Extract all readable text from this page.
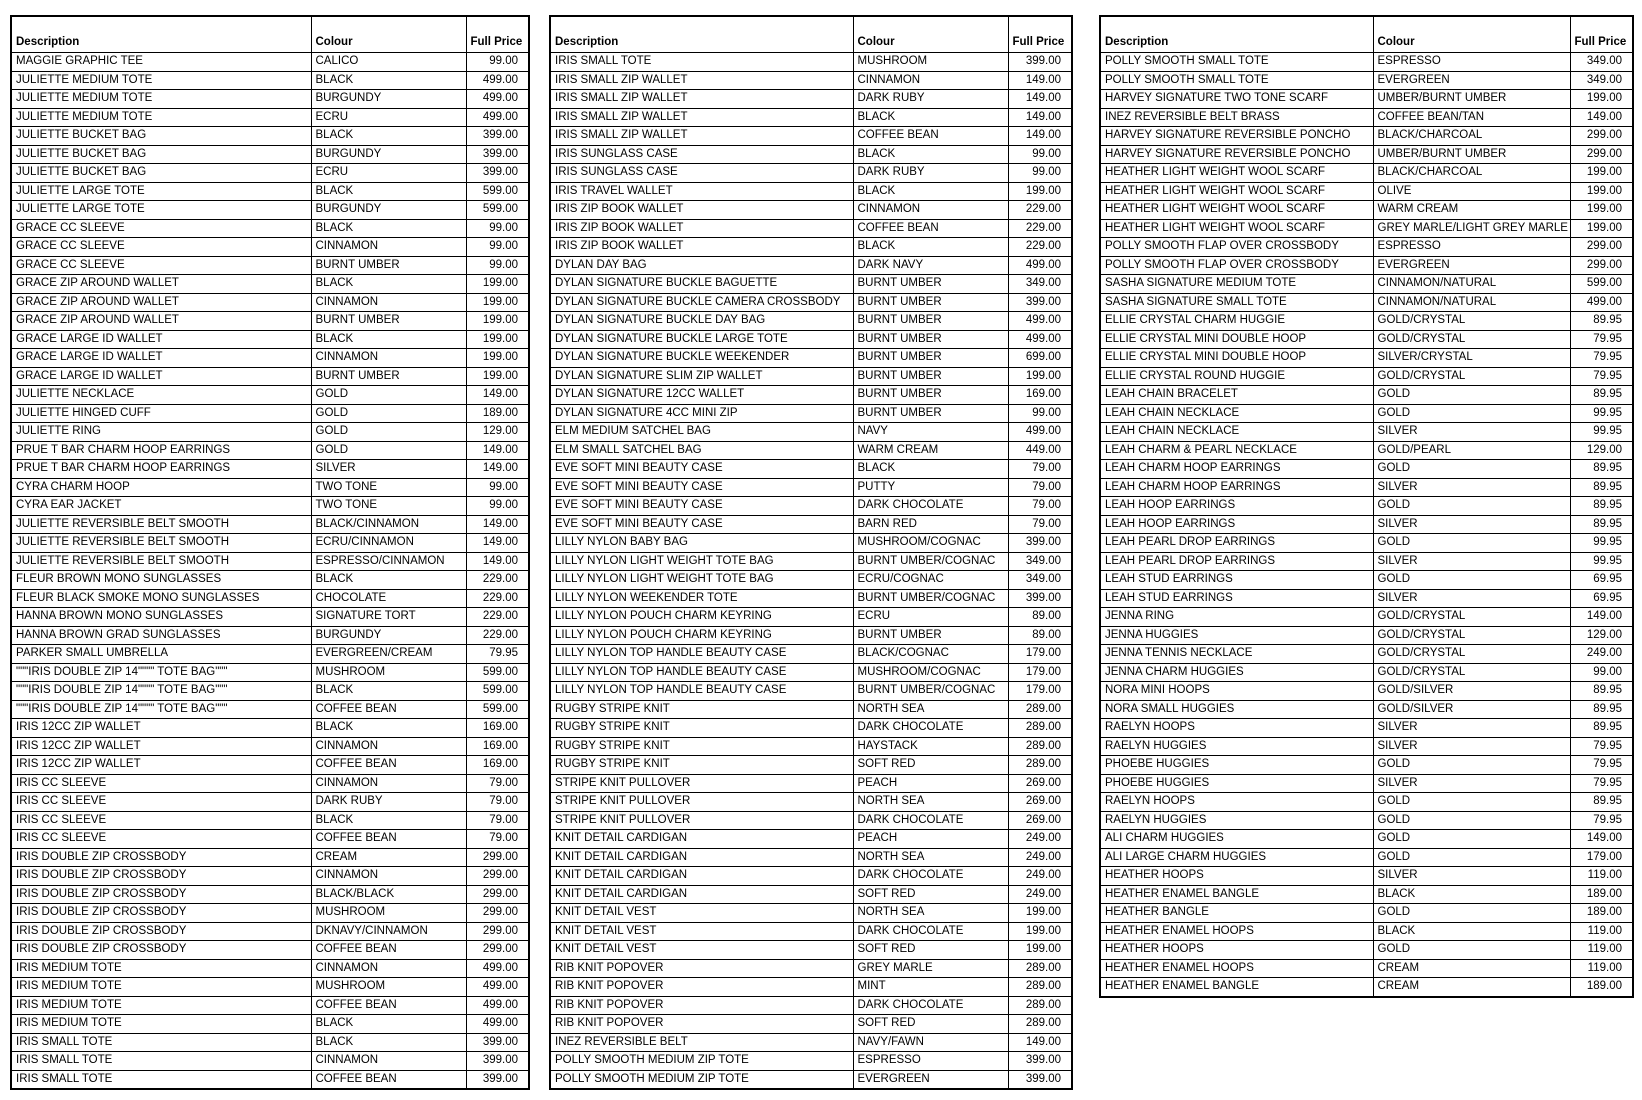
Description	Colour	Full Price
MAGGIE GRAPHIC TEE	CALICO	99.00
JULIETTE MEDIUM TOTE	BLACK	499.00
JULIETTE MEDIUM TOTE	BURGUNDY	499.00
JULIETTE MEDIUM TOTE	ECRU	499.00
JULIETTE BUCKET BAG	BLACK	399.00
JULIETTE BUCKET BAG	BURGUNDY	399.00
JULIETTE BUCKET BAG	ECRU	399.00
JULIETTE LARGE TOTE	BLACK	599.00
JULIETTE LARGE TOTE	BURGUNDY	599.00
GRACE CC SLEEVE	BLACK	99.00
GRACE CC SLEEVE	CINNAMON	99.00
GRACE CC SLEEVE	BURNT UMBER	99.00
GRACE ZIP AROUND WALLET	BLACK	199.00
GRACE ZIP AROUND WALLET	CINNAMON	199.00
GRACE ZIP AROUND WALLET	BURNT UMBER	199.00
GRACE LARGE ID WALLET	BLACK	199.00
GRACE LARGE ID WALLET	CINNAMON	199.00
GRACE LARGE ID WALLET	BURNT UMBER	199.00
JULIETTE NECKLACE	GOLD	149.00
JULIETTE HINGED CUFF	GOLD	189.00
JULIETTE RING	GOLD	129.00
PRUE T BAR CHARM HOOP EARRINGS	GOLD	149.00
PRUE T BAR CHARM HOOP EARRINGS	SILVER	149.00
CYRA CHARM HOOP	TWO TONE	99.00
CYRA EAR JACKET	TWO TONE	99.00
JULIETTE REVERSIBLE BELT SMOOTH	BLACK/CINNAMON	149.00
JULIETTE REVERSIBLE BELT SMOOTH	ECRU/CINNAMON	149.00
JULIETTE REVERSIBLE BELT SMOOTH	ESPRESSO/CINNAMON	149.00
FLEUR BROWN MONO SUNGLASSES	BLACK	229.00
FLEUR BLACK SMOKE MONO SUNGLASSES	CHOCOLATE	229.00
HANNA BROWN MONO SUNGLASSES	SIGNATURE TORT	229.00
HANNA BROWN GRAD SUNGLASSES	BURGUNDY	229.00
PARKER SMALL UMBRELLA	EVERGREEN/CREAM	79.95
"""IRIS DOUBLE ZIP 14"""" TOTE BAG"""	MUSHROOM	599.00
"""IRIS DOUBLE ZIP 14"""" TOTE BAG"""	BLACK	599.00
"""IRIS DOUBLE ZIP 14"""" TOTE BAG"""	COFFEE BEAN	599.00
IRIS 12CC ZIP WALLET	BLACK	169.00
IRIS 12CC ZIP WALLET	CINNAMON	169.00
IRIS 12CC ZIP WALLET	COFFEE BEAN	169.00
IRIS CC SLEEVE	CINNAMON	79.00
IRIS CC SLEEVE	DARK RUBY	79.00
IRIS CC SLEEVE	BLACK	79.00
IRIS CC SLEEVE	COFFEE BEAN	79.00
IRIS DOUBLE ZIP CROSSBODY	CREAM	299.00
IRIS DOUBLE ZIP CROSSBODY	CINNAMON	299.00
IRIS DOUBLE ZIP CROSSBODY	BLACK/BLACK	299.00
IRIS DOUBLE ZIP CROSSBODY	MUSHROOM	299.00
IRIS DOUBLE ZIP CROSSBODY	DKNAVY/CINNAMON	299.00
IRIS DOUBLE ZIP CROSSBODY	COFFEE BEAN	299.00
IRIS MEDIUM TOTE	CINNAMON	499.00
IRIS MEDIUM TOTE	MUSHROOM	499.00
IRIS MEDIUM TOTE	COFFEE BEAN	499.00
IRIS MEDIUM TOTE	BLACK	499.00
IRIS SMALL TOTE	BLACK	399.00
IRIS SMALL TOTE	CINNAMON	399.00
IRIS SMALL TOTE	COFFEE BEAN	399.00
Description	Colour	Full Price
IRIS SMALL TOTE	MUSHROOM	399.00
IRIS SMALL ZIP WALLET	CINNAMON	149.00
IRIS SMALL ZIP WALLET	DARK RUBY	149.00
IRIS SMALL ZIP WALLET	BLACK	149.00
IRIS SMALL ZIP WALLET	COFFEE BEAN	149.00
IRIS SUNGLASS CASE	BLACK	99.00
IRIS SUNGLASS CASE	DARK RUBY	99.00
IRIS TRAVEL WALLET	BLACK	199.00
IRIS ZIP BOOK WALLET	CINNAMON	229.00
IRIS ZIP BOOK WALLET	COFFEE BEAN	229.00
IRIS ZIP BOOK WALLET	BLACK	229.00
DYLAN DAY BAG	DARK NAVY	499.00
DYLAN SIGNATURE BUCKLE BAGUETTE	BURNT UMBER	349.00
DYLAN SIGNATURE BUCKLE CAMERA CROSSBODY	BURNT UMBER	399.00
DYLAN SIGNATURE BUCKLE DAY BAG	BURNT UMBER	499.00
DYLAN SIGNATURE BUCKLE LARGE TOTE	BURNT UMBER	499.00
DYLAN SIGNATURE BUCKLE WEEKENDER	BURNT UMBER	699.00
DYLAN SIGNATURE SLIM ZIP WALLET	BURNT UMBER	199.00
DYLAN SIGNATURE 12CC WALLET	BURNT UMBER	169.00
DYLAN SIGNATURE 4CC MINI ZIP	BURNT UMBER	99.00
ELM MEDIUM SATCHEL BAG	NAVY	499.00
ELM SMALL SATCHEL BAG	WARM CREAM	449.00
EVE SOFT MINI BEAUTY CASE	BLACK	79.00
EVE SOFT MINI BEAUTY CASE	PUTTY	79.00
EVE SOFT MINI BEAUTY CASE	DARK CHOCOLATE	79.00
EVE SOFT MINI BEAUTY CASE	BARN RED	79.00
LILLY NYLON BABY BAG	MUSHROOM/COGNAC	399.00
LILLY NYLON LIGHT WEIGHT TOTE BAG	BURNT UMBER/COGNAC	349.00
LILLY NYLON LIGHT WEIGHT TOTE BAG	ECRU/COGNAC	349.00
LILLY NYLON WEEKENDER TOTE	BURNT UMBER/COGNAC	399.00
LILLY NYLON POUCH CHARM KEYRING	ECRU	89.00
LILLY NYLON POUCH CHARM KEYRING	BURNT UMBER	89.00
LILLY NYLON TOP HANDLE BEAUTY CASE	BLACK/COGNAC	179.00
LILLY NYLON TOP HANDLE BEAUTY CASE	MUSHROOM/COGNAC	179.00
LILLY NYLON TOP HANDLE BEAUTY CASE	BURNT UMBER/COGNAC	179.00
RUGBY STRIPE KNIT	NORTH SEA	289.00
RUGBY STRIPE KNIT	DARK CHOCOLATE	289.00
RUGBY STRIPE KNIT	HAYSTACK	289.00
RUGBY STRIPE KNIT	SOFT RED	289.00
STRIPE KNIT PULLOVER	PEACH	269.00
STRIPE KNIT PULLOVER	NORTH SEA	269.00
STRIPE KNIT PULLOVER	DARK CHOCOLATE	269.00
KNIT DETAIL CARDIGAN	PEACH	249.00
KNIT DETAIL CARDIGAN	NORTH SEA	249.00
KNIT DETAIL CARDIGAN	DARK CHOCOLATE	249.00
KNIT DETAIL CARDIGAN	SOFT RED	249.00
KNIT DETAIL VEST	NORTH SEA	199.00
KNIT DETAIL VEST	DARK CHOCOLATE	199.00
KNIT DETAIL VEST	SOFT RED	199.00
RIB KNIT POPOVER	GREY MARLE	289.00
RIB KNIT POPOVER	MINT	289.00
RIB KNIT POPOVER	DARK CHOCOLATE	289.00
RIB KNIT POPOVER	SOFT RED	289.00
INEZ REVERSIBLE BELT	NAVY/FAWN	149.00
POLLY SMOOTH MEDIUM ZIP TOTE	ESPRESSO	399.00
POLLY SMOOTH MEDIUM ZIP TOTE	EVERGREEN	399.00
Description	Colour	Full Price
POLLY SMOOTH SMALL TOTE	ESPRESSO	349.00
POLLY SMOOTH SMALL TOTE	EVERGREEN	349.00
HARVEY SIGNATURE TWO TONE SCARF	UMBER/BURNT UMBER	199.00
INEZ REVERSIBLE BELT BRASS	COFFEE BEAN/TAN	149.00
HARVEY SIGNATURE REVERSIBLE PONCHO	BLACK/CHARCOAL	299.00
HARVEY SIGNATURE REVERSIBLE PONCHO	UMBER/BURNT UMBER	299.00
HEATHER LIGHT WEIGHT WOOL SCARF	BLACK/CHARCOAL	199.00
HEATHER LIGHT WEIGHT WOOL SCARF	OLIVE	199.00
HEATHER LIGHT WEIGHT WOOL SCARF	WARM CREAM	199.00
HEATHER LIGHT WEIGHT WOOL SCARF	GREY MARLE/LIGHT GREY MARLE	199.00
POLLY SMOOTH FLAP OVER CROSSBODY	ESPRESSO	299.00
POLLY SMOOTH FLAP OVER CROSSBODY	EVERGREEN	299.00
SASHA SIGNATURE MEDIUM TOTE	CINNAMON/NATURAL	599.00
SASHA SIGNATURE SMALL TOTE	CINNAMON/NATURAL	499.00
ELLIE CRYSTAL CHARM HUGGIE	GOLD/CRYSTAL	89.95
ELLIE CRYSTAL MINI DOUBLE HOOP	GOLD/CRYSTAL	79.95
ELLIE CRYSTAL MINI DOUBLE HOOP	SILVER/CRYSTAL	79.95
ELLIE CRYSTAL ROUND HUGGIE	GOLD/CRYSTAL	79.95
LEAH CHAIN BRACELET	GOLD	89.95
LEAH CHAIN NECKLACE	GOLD	99.95
LEAH CHAIN NECKLACE	SILVER	99.95
LEAH CHARM & PEARL NECKLACE	GOLD/PEARL	129.00
LEAH CHARM HOOP EARRINGS	GOLD	89.95
LEAH CHARM HOOP EARRINGS	SILVER	89.95
LEAH HOOP EARRINGS	GOLD	89.95
LEAH HOOP EARRINGS	SILVER	89.95
LEAH PEARL DROP EARRINGS	GOLD	99.95
LEAH PEARL DROP EARRINGS	SILVER	99.95
LEAH STUD EARRINGS	GOLD	69.95
LEAH STUD EARRINGS	SILVER	69.95
JENNA RING	GOLD/CRYSTAL	149.00
JENNA HUGGIES	GOLD/CRYSTAL	129.00
JENNA TENNIS NECKLACE	GOLD/CRYSTAL	249.00
JENNA CHARM HUGGIES	GOLD/CRYSTAL	99.00
NORA MINI HOOPS	GOLD/SILVER	89.95
NORA SMALL HUGGIES	GOLD/SILVER	89.95
RAELYN HOOPS	SILVER	89.95
RAELYN HUGGIES	SILVER	79.95
PHOEBE HUGGIES	GOLD	79.95
PHOEBE HUGGIES	SILVER	79.95
RAELYN HOOPS	GOLD	89.95
RAELYN HUGGIES	GOLD	79.95
ALI CHARM HUGGIES	GOLD	149.00
ALI LARGE CHARM HUGGIES	GOLD	179.00
HEATHER HOOPS	SILVER	119.00
HEATHER ENAMEL BANGLE	BLACK	189.00
HEATHER BANGLE	GOLD	189.00
HEATHER ENAMEL HOOPS	BLACK	119.00
HEATHER HOOPS	GOLD	119.00
HEATHER ENAMEL HOOPS	CREAM	119.00
HEATHER ENAMEL BANGLE	CREAM	189.00
